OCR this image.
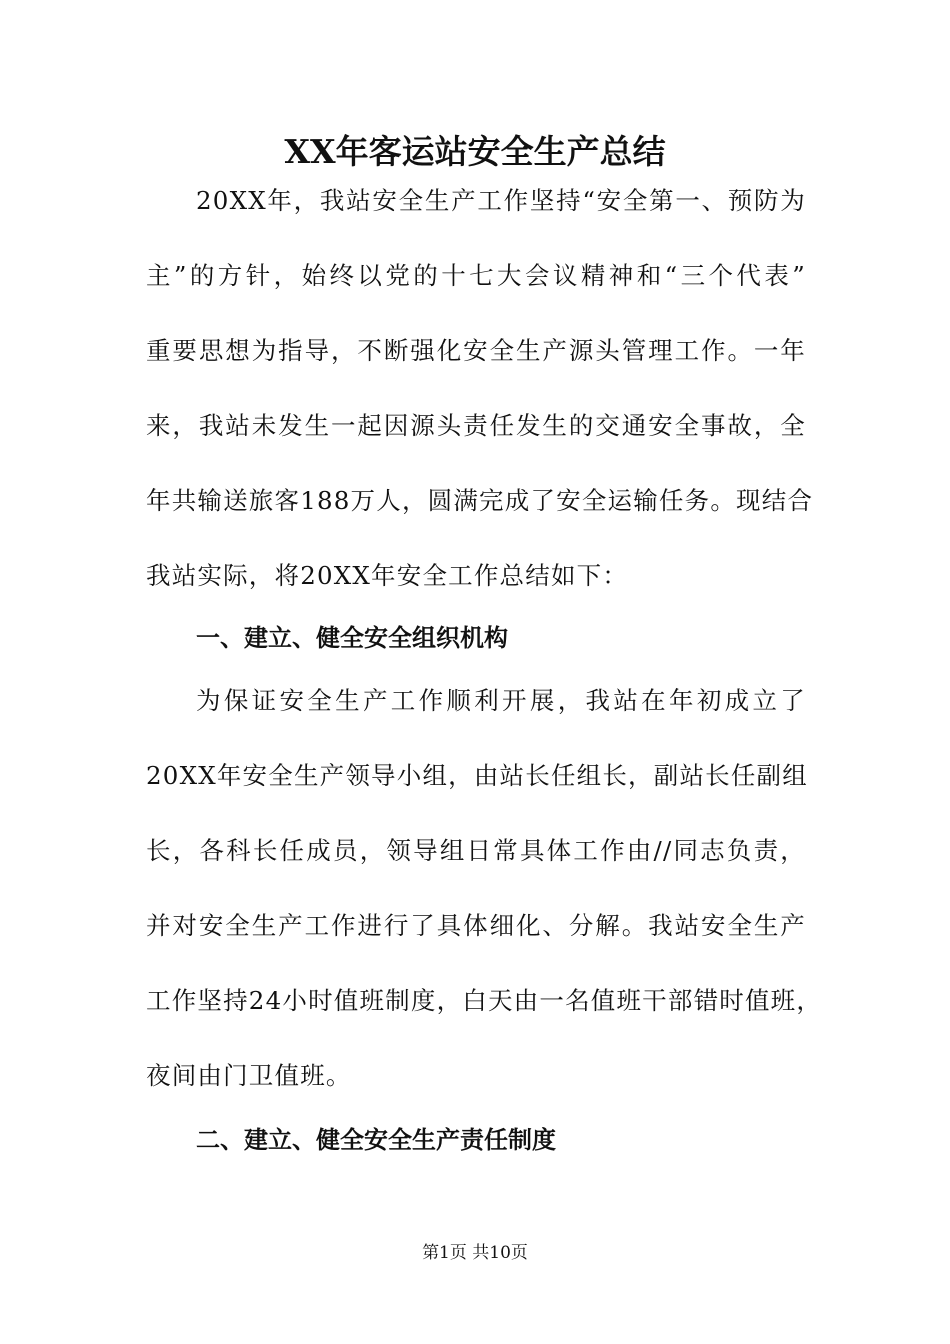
XX年客运站安全生产总结

20XX年，我站安全生产工作坚持“安全第一、预防为

主”的方针，始终以党的十七大会议精神和“三个代表”

重要思想为指导，不断强化安全生产源头管理工作。一年

来，我站未发生一起因源头责任发生的交通安全事故，全

年共输送旅客188万人，圆满完成了安全运输任务。现结合

我站实际，将20XX年安全工作总结如下：

一、建立、健全安全组织机构

为保证安全生产工作顺利开展，我站在年初成立了

20XX年安全生产领导小组，由站长任组长，副站长任副组

长，各科长任成员，领导组日常具体工作由//同志负责，

并对安全生产工作进行了具体细化、分解。我站安全生产

工作坚持24小时值班制度，白天由一名值班干部错时值班，

夜间由门卫值班。

二、建立、健全安全生产责任制度
第1页 共10页
